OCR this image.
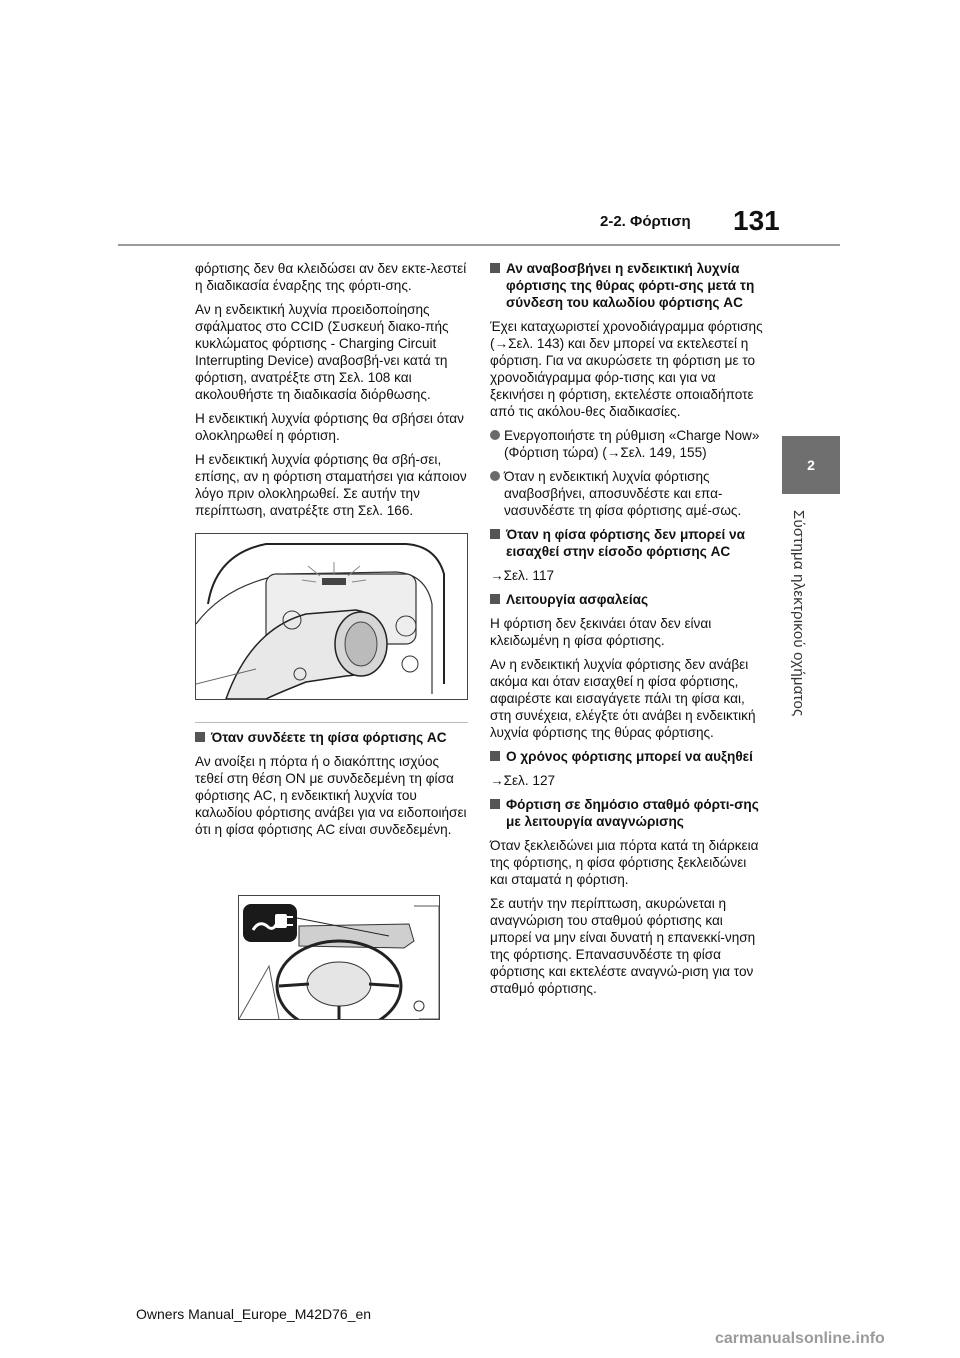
2-2. Φόρτιση 131
2
Σύστημα ηλεκτρικού οχήματος

φόρτισης δεν θα κλειδώσει αν δεν εκτε-λεστεί η διαδικασία έναρξης της φόρτι-σης.

Αν η ενδεικτική λυχνία προειδοποίησης σφάλματος στο CCID (Συσκευή διακο-πής κυκλώματος φόρτισης - Charging Circuit Interrupting Device) αναβοσβή-νει κατά τη φόρτιση, ανατρέξτε στη Σελ. 108 και ακολουθήστε τη διαδικασία διόρθωσης.

Η ενδεικτική λυχνία φόρτισης θα σβήσει όταν ολοκληρωθεί η φόρτιση.

Η ενδεικτική λυχνία φόρτισης θα σβή-σει, επίσης, αν η φόρτιση σταματήσει για κάποιον λόγο πριν ολοκληρωθεί. Σε αυτήν την περίπτωση, ανατρέξτε στη Σελ. 166.

Όταν συνδέετε τη φίσα φόρτισης AC

Αν ανοίξει η πόρτα ή ο διακόπτης ισχύος τεθεί στη θέση ON με συνδεδεμένη τη φίσα φόρτισης AC, η ενδεικτική λυχνία του καλωδίου φόρτισης ανάβει για να ειδοποιήσει ότι η φίσα φόρτισης AC είναι συνδεδεμένη.

Αν αναβοσβήνει η ενδεικτική λυχνία φόρτισης της θύρας φόρτι-σης μετά τη σύνδεση του καλωδίου φόρτισης AC

Έχει καταχωριστεί χρονοδιάγραμμα φόρτισης (→Σελ. 143) και δεν μπορεί να εκτελεστεί η φόρτιση. Για να ακυρώσετε τη φόρτιση με το χρονοδιάγραμμα φόρ-τισης και για να ξεκινήσει η φόρτιση, εκτελέστε οποιαδήποτε από τις ακόλου-θες διαδικασίες.

Ενεργοποιήστε τη ρύθμιση «Charge Now» (Φόρτιση τώρα) (→Σελ. 149, 155)
Όταν η ενδεικτική λυχνία φόρτισης αναβοσβήνει, αποσυνδέστε και επα-νασυνδέστε τη φίσα φόρτισης αμέ-σως.
Όταν η φίσα φόρτισης δεν μπορεί να εισαχθεί στην είσοδο φόρτισης AC

→Σελ. 117

Λειτουργία ασφαλείας

Η φόρτιση δεν ξεκινάει όταν δεν είναι κλειδωμένη η φίσα φόρτισης.

Αν η ενδεικτική λυχνία φόρτισης δεν ανάβει ακόμα και όταν εισαχθεί η φίσα φόρτισης, αφαιρέστε και εισαγάγετε πάλι τη φίσα και, στη συνέχεια, ελέγξτε ότι ανάβει η ενδεικτική λυχνία φόρτισης της θύρας φόρτισης.

Ο χρόνος φόρτισης μπορεί να αυξηθεί

→Σελ. 127

Φόρτιση σε δημόσιο σταθμό φόρτι-σης με λειτουργία αναγνώρισης

Όταν ξεκλειδώνει μια πόρτα κατά τη διάρκεια της φόρτισης, η φίσα φόρτισης ξεκλειδώνει και σταματά η φόρτιση.

Σε αυτήν την περίπτωση, ακυρώνεται η αναγνώριση του σταθμού φόρτισης και μπορεί να μην είναι δυνατή η επανεκκί-νηση της φόρτισης. Επανασυνδέστε τη φίσα φόρτισης και εκτελέστε αναγνώ-ριση για τον σταθμό φόρτισης.

Owners Manual_Europe_M42D76_en
carmanualsonline.info
